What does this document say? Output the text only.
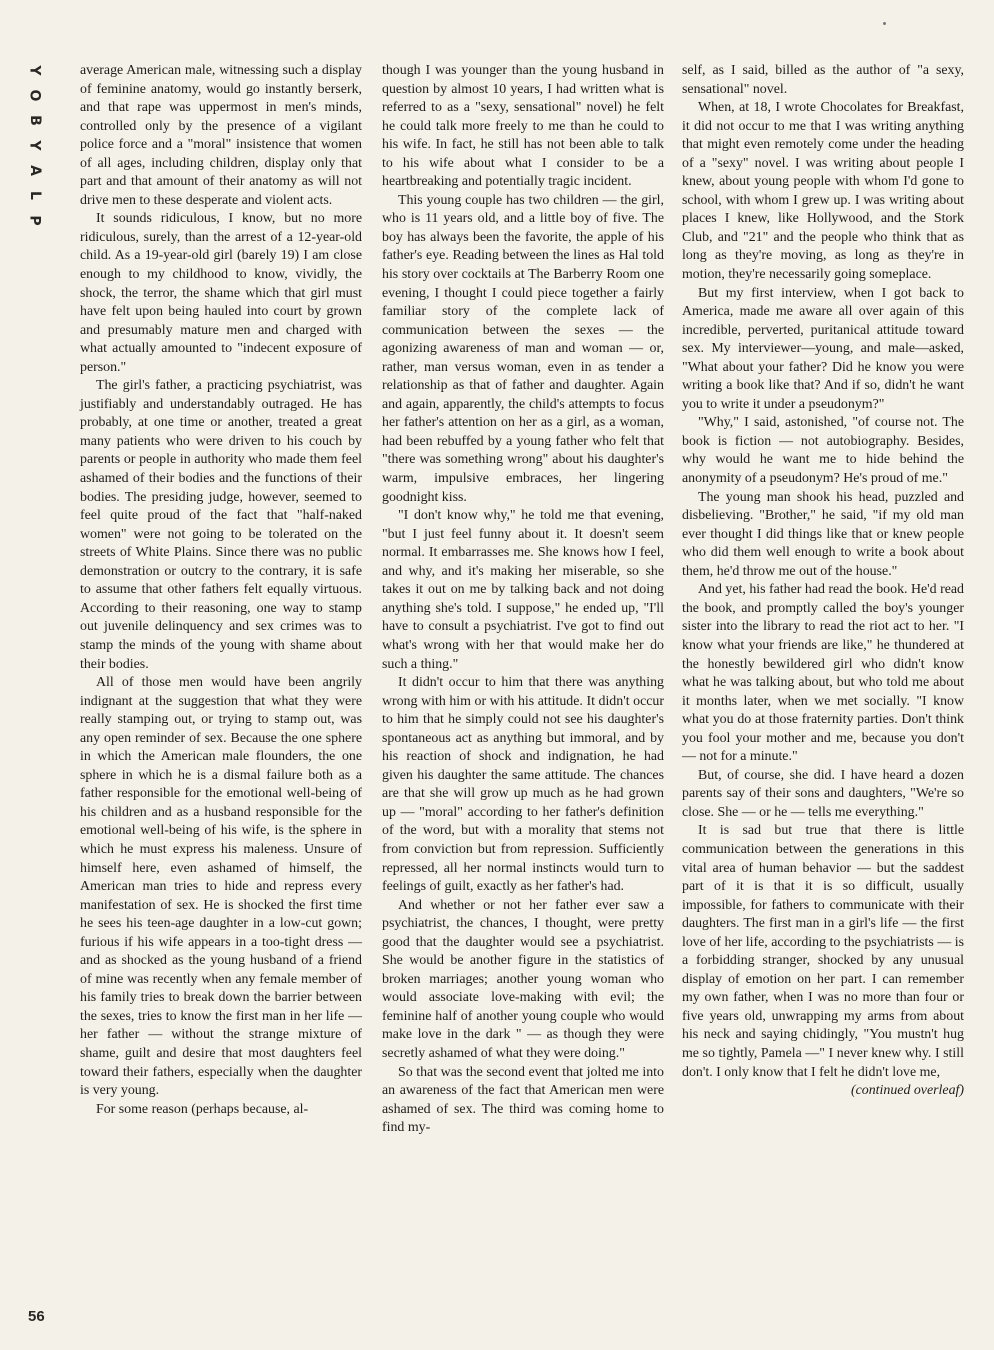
Y
O
B
Y
A
L
P

average American male, witnessing such a display of feminine anatomy, would go instantly berserk, and that rape was uppermost in men's minds, controlled only by the presence of a vigilant police force and a "moral" insistence that women of all ages, including children, display only that part and that amount of their anatomy as will not drive men to these desperate and violent acts.

It sounds ridiculous, I know, but no more ridiculous, surely, than the arrest of a 12-year-old child. As a 19-year-old girl (barely 19) I am close enough to my childhood to know, vividly, the shock, the terror, the shame which that girl must have felt upon being hauled into court by grown and presumably mature men and charged with what actually amounted to "indecent exposure of person."

The girl's father, a practicing psychiatrist, was justifiably and understandably outraged. He has probably, at one time or another, treated a great many patients who were driven to his couch by parents or people in authority who made them feel ashamed of their bodies and the functions of their bodies. The presiding judge, however, seemed to feel quite proud of the fact that "half-naked women" were not going to be tolerated on the streets of White Plains. Since there was no public demonstration or outcry to the contrary, it is safe to assume that other fathers felt equally virtuous. According to their reasoning, one way to stamp out juvenile delinquency and sex crimes was to stamp the minds of the young with shame about their bodies.

All of those men would have been angrily indignant at the suggestion that what they were really stamping out, or trying to stamp out, was any open reminder of sex. Because the one sphere in which the American male flounders, the one sphere in which he is a dismal failure both as a father responsible for the emotional well-being of his children and as a husband responsible for the emotional well-being of his wife, is the sphere in which he must express his maleness. Unsure of himself here, even ashamed of himself, the American man tries to hide and repress every manifestation of sex. He is shocked the first time he sees his teen-age daughter in a low-cut gown; furious if his wife appears in a too-tight dress — and as shocked as the young husband of a friend of mine was recently when any female member of his family tries to break down the barrier between the sexes, tries to know the first man in her life — her father — without the strange mixture of shame, guilt and desire that most daughters feel toward their fathers, especially when the daughter is very young.

For some reason (perhaps because, al-

though I was younger than the young husband in question by almost 10 years, I had written what is referred to as a "sexy, sensational" novel) he felt he could talk more freely to me than he could to his wife. In fact, he still has not been able to talk to his wife about what I consider to be a heartbreaking and potentially tragic incident.

This young couple has two children — the girl, who is 11 years old, and a little boy of five. The boy has always been the favorite, the apple of his father's eye. Reading between the lines as Hal told his story over cocktails at The Barberry Room one evening, I thought I could piece together a fairly familiar story of the complete lack of communication between the sexes — the agonizing awareness of man and woman — or, rather, man versus woman, even in as tender a relationship as that of father and daughter. Again and again, apparently, the child's attempts to focus her father's attention on her as a girl, as a woman, had been rebuffed by a young father who felt that "there was something wrong" about his daughter's warm, impulsive embraces, her lingering goodnight kiss.

"I don't know why," he told me that evening, "but I just feel funny about it. It doesn't seem normal. It embarrasses me. She knows how I feel, and why, and it's making her miserable, so she takes it out on me by talking back and not doing anything she's told. I suppose," he ended up, "I'll have to consult a psychiatrist. I've got to find out what's wrong with her that would make her do such a thing."

It didn't occur to him that there was anything wrong with him or with his attitude. It didn't occur to him that he simply could not see his daughter's spontaneous act as anything but immoral, and by his reaction of shock and indignation, he had given his daughter the same attitude. The chances are that she will grow up much as he had grown up — "moral" according to her father's definition of the word, but with a morality that stems not from conviction but from repression. Sufficiently repressed, all her normal instincts would turn to feelings of guilt, exactly as her father's had.

And whether or not her father ever saw a psychiatrist, the chances, I thought, were pretty good that the daughter would see a psychiatrist. She would be another figure in the statistics of broken marriages; another young woman who would associate love-making with evil; the feminine half of another young couple who would make love in the dark " — as though they were secretly ashamed of what they were doing."

So that was the second event that jolted me into an awareness of the fact that American men were ashamed of sex. The third was coming home to find my-

self, as I said, billed as the author of "a sexy, sensational" novel.

When, at 18, I wrote Chocolates for Breakfast, it did not occur to me that I was writing anything that might even remotely come under the heading of a "sexy" novel. I was writing about people I knew, about young people with whom I'd gone to school, with whom I grew up. I was writing about places I knew, like Hollywood, and the Stork Club, and "21" and the people who think that as long as they're moving, as long as they're in motion, they're necessarily going someplace.

But my first interview, when I got back to America, made me aware all over again of this incredible, perverted, puritanical attitude toward sex. My interviewer—young, and male—asked, "What about your father? Did he know you were writing a book like that? And if so, didn't he want you to write it under a pseudonym?"

"Why," I said, astonished, "of course not. The book is fiction — not autobiography. Besides, why would he want me to hide behind the anonymity of a pseudonym? He's proud of me."

The young man shook his head, puzzled and disbelieving. "Brother," he said, "if my old man ever thought I did things like that or knew people who did them well enough to write a book about them, he'd throw me out of the house."

And yet, his father had read the book. He'd read the book, and promptly called the boy's younger sister into the library to read the riot act to her. "I know what your friends are like," he thundered at the honestly bewildered girl who didn't know what he was talking about, but who told me about it months later, when we met socially. "I know what you do at those fraternity parties. Don't think you fool your mother and me, because you don't — not for a minute."

But, of course, she did. I have heard a dozen parents say of their sons and daughters, "We're so close. She — or he — tells me everything."

It is sad but true that there is little communication between the generations in this vital area of human behavior — but the saddest part of it is that it is so difficult, usually impossible, for fathers to communicate with their daughters. The first man in a girl's life — the first love of her life, according to the psychiatrists — is a forbidding stranger, shocked by any unusual display of emotion on her part. I can remember my own father, when I was no more than four or five years old, unwrapping my arms from about his neck and saying chidingly, "You mustn't hug me so tightly, Pamela —" I never knew why. I still don't. I only know that I felt he didn't love me,

(continued overleaf)

56
